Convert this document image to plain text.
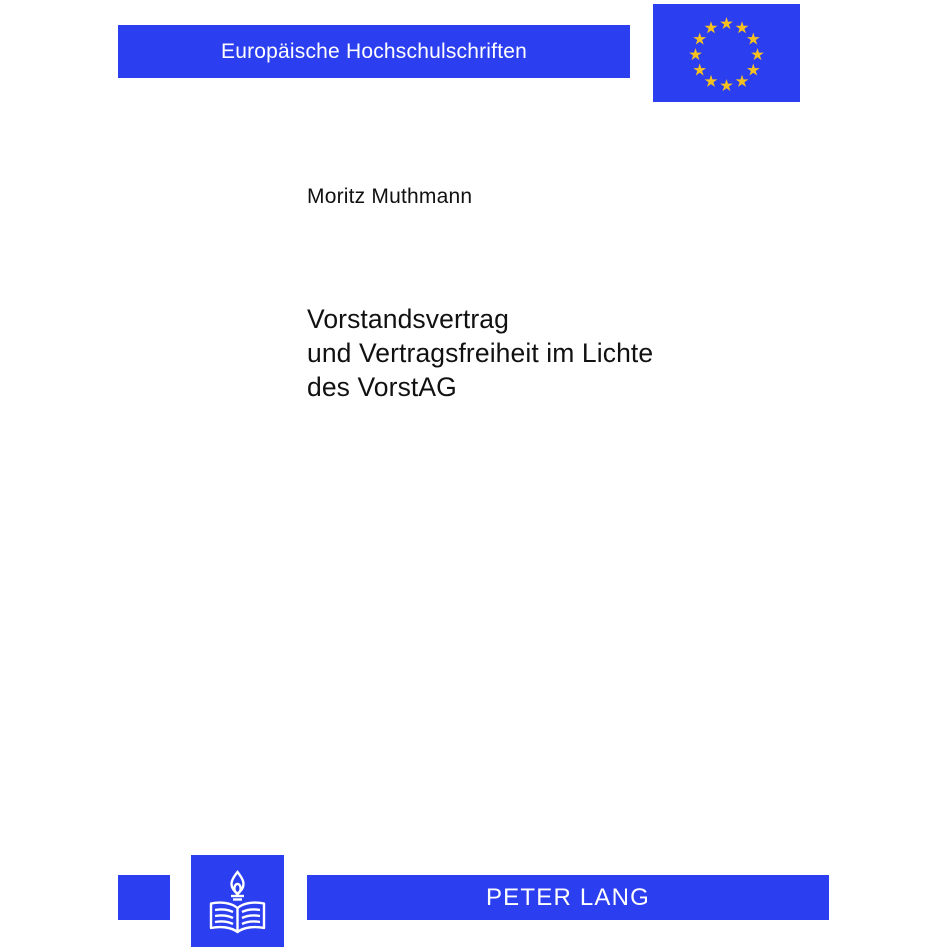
Europäische Hochschulschriften
Moritz Muthmann
Vorstandsvertrag
und Vertragsfreiheit im Lichte
des VorstAG
PETER LANG
